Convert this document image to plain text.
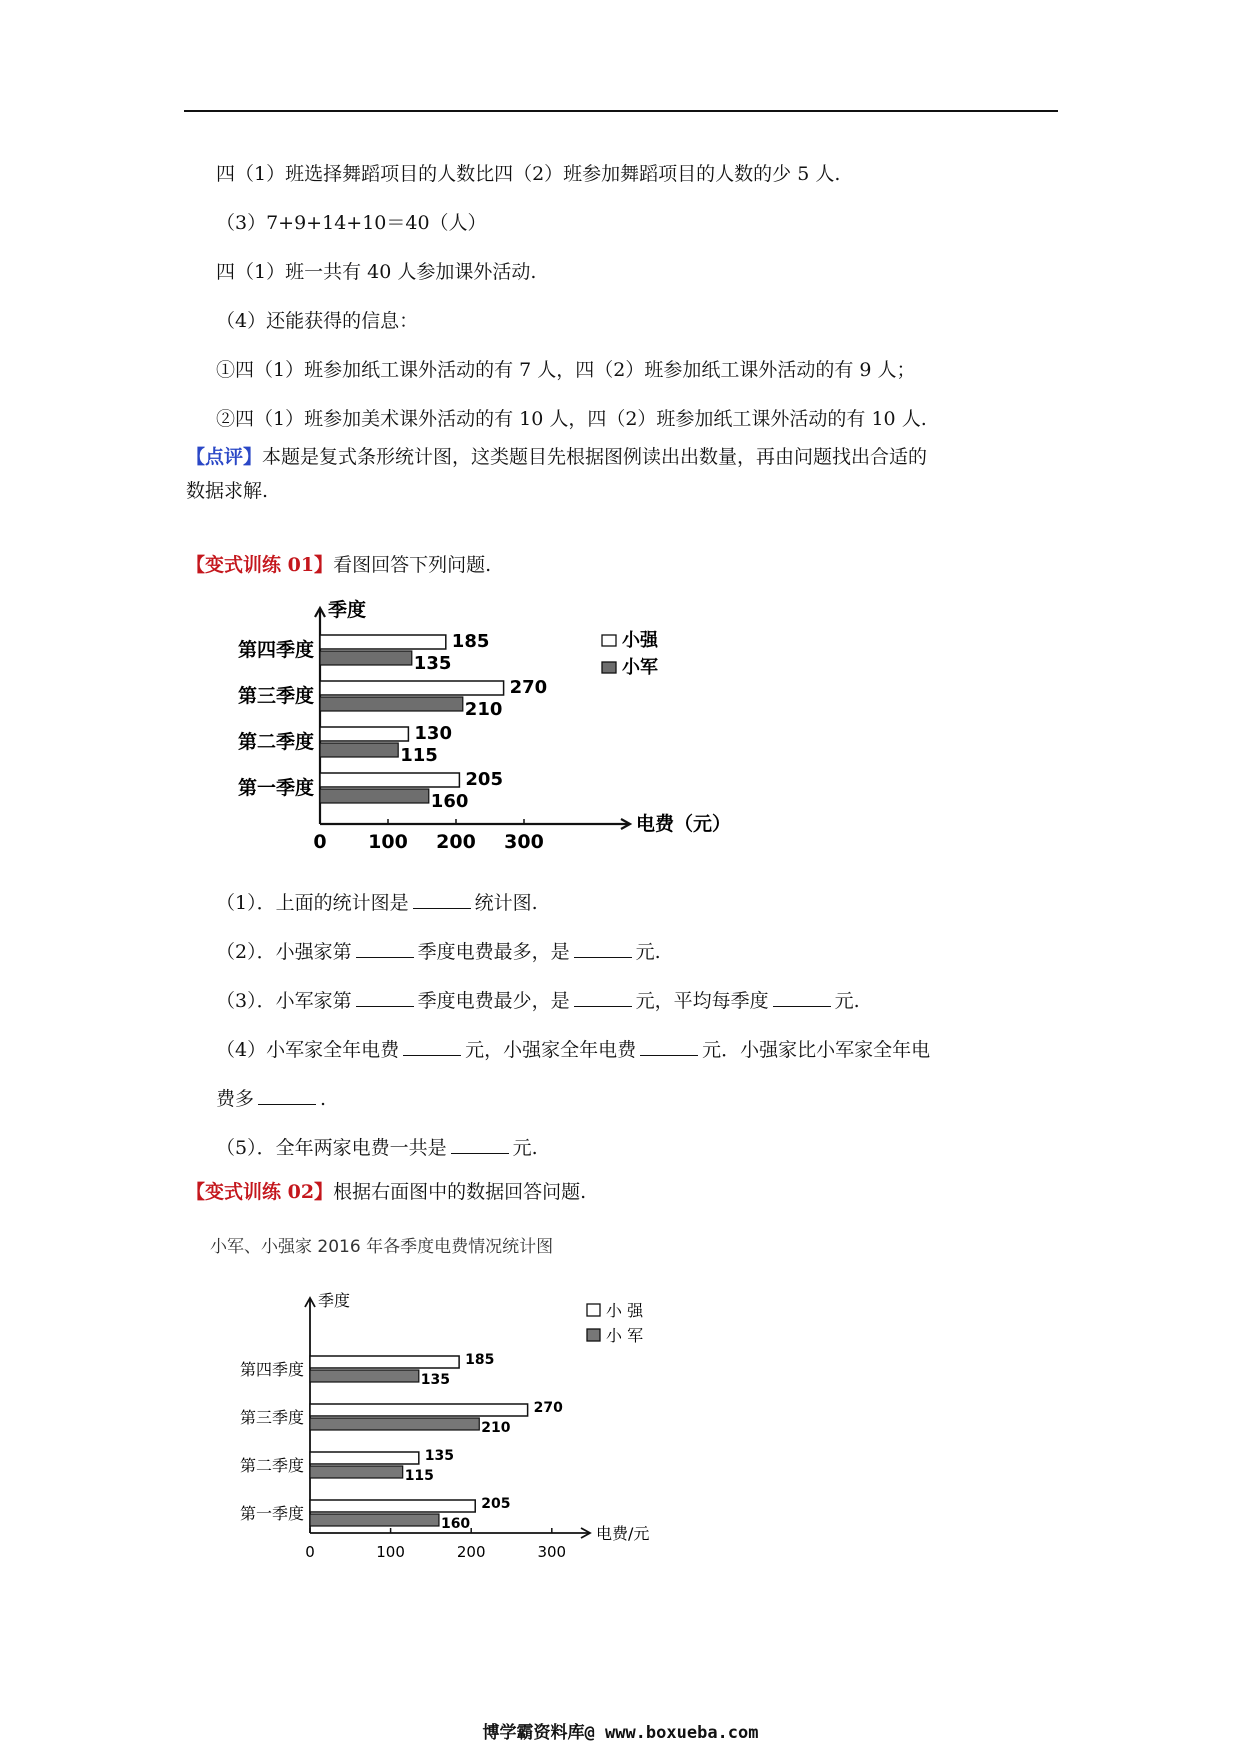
四（1）班选择舞蹈项目的人数比四（2）班参加舞蹈项目的人数的少 5 人.
（3）7+9+14+10＝40（人）
四（1）班一共有 40 人参加课外活动.
（4）还能获得的信息：
①四（1）班参加纸工课外活动的有 7 人，四（2）班参加纸工课外活动的有 9 人；
②四（1）班参加美术课外活动的有 10 人，四（2）班参加纸工课外活动的有 10 人.
【点评】本题是复式条形统计图，这类题目先根据图例读出出数量，再由问题找出合适的
数据求解.
【变式训练 01】看图回答下列问题.
季度
电费（元）
0 100 200 300
第四季度	185
135
第三季度	270
210
第二季度	130
115
第一季度	205
160
小强
小军
（1）．上面的统计图是	统计图.
（2）．小强家第	季度电费最多，是	元.
（3）．小军家第	季度电费最少，是	元，平均每季度	元.
（4）小军家全年电费	元，小强家全年电费	元．小强家比小军家全年电
费多	.
（5）．全年两家电费一共是	元.
【变式训练 02】根据右面图中的数据回答问题.
小军、小强家 2016 年各季度电费情况统计图
季度
电费/元
0	100	200	300
第四季度	185
135
第三季度	270
210
第二季度	135
115
第一季度	205
160
小 强
小 军
博学霸资料库@ www.boxueba.com
